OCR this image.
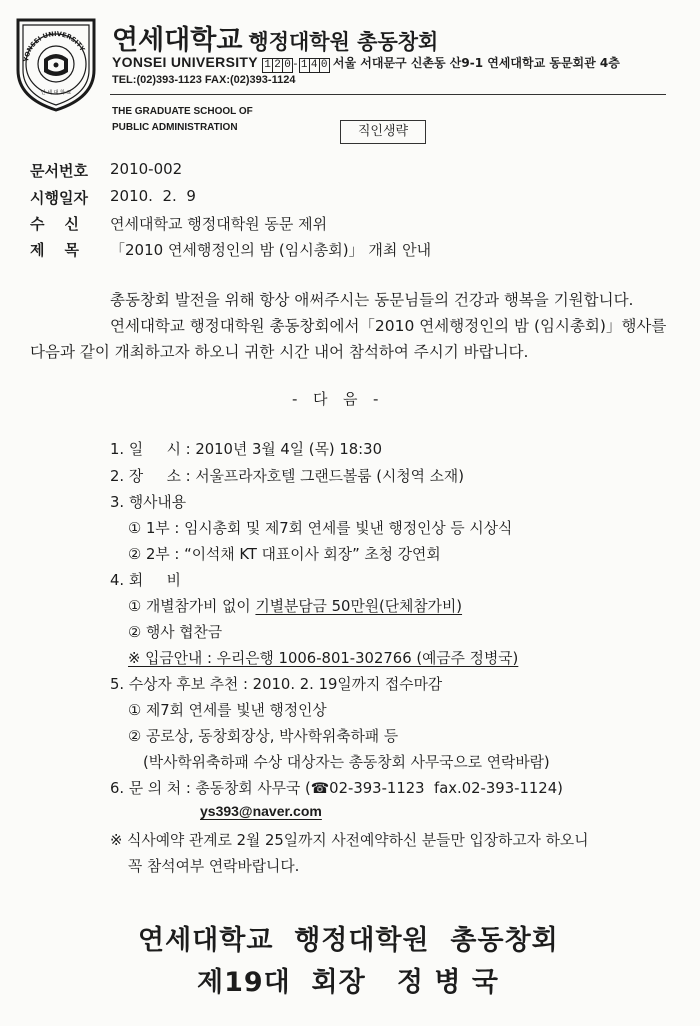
YONSEI UNIVERSITY
연 세 대 학 교
연세대학교 행정대학원 총동창회
YONSEI UNIVERSITY 1 2 0- 1 4 0 서울 서대문구 신촌동 산9-1 연세대학교 동문회관 4층
TEL:(02)393-1123 FAX:(02)393-1124
THE GRADUATE SCHOOL OF
PUBLIC ADMINISTRATION	직인생략
문서번호 2010-002
시행일자 2010.  2.  9
수신 연세대학교 행정대학원 동문 제위
제목 「2010 연세행정인의 밤 (임시총회)」 개최 안내
총동창회 발전을 위해 항상 애써주시는 동문님들의 건강과 행복을 기원합니다.
연세대학교 행정대학원 총동창회에서「2010 연세행정인의 밤 (임시총회)」행사를
다음과 같이 개최하고자 하오니 귀한 시간 내어 참석하여 주시기 바랍니다.
-  다  음  -
1. 일     시 : 2010년 3월 4일 (목) 18:30
2. 장     소 : 서울프라자호텔 그랜드볼룸 (시청역 소재)
3. 행사내용
① 1부 : 임시총회 및 제7회 연세를 빛낸 행정인상 등 시상식
② 2부 : “이석채 KT 대표이사 회장” 초청 강연회
4. 회     비
① 개별참가비 없이 기별분담금 50만원(단체참가비)
② 행사 협찬금
※ 입금안내 : 우리은행 1006-801-302766 (예금주 정병국)
5. 수상자 후보 추천 : 2010. 2. 19일까지 접수마감
① 제7회 연세를 빛낸 행정인상
② 공로상, 동창회장상, 박사학위축하패 등
(박사학위축하패 수상 대상자는 총동창회 사무국으로 연락바람)
6. 문 의 처 : 총동창회 사무국 (☎02-393-1123  fax.02-393-1124)
ys393@naver.com
※ 식사예약 관계로 2월 25일까지 사전예약하신 분들만 입장하고자 하오니
꼭 참석여부 연락바랍니다.
연세대학교  행정대학원  총동창회
제19대  회장   정 병 국
